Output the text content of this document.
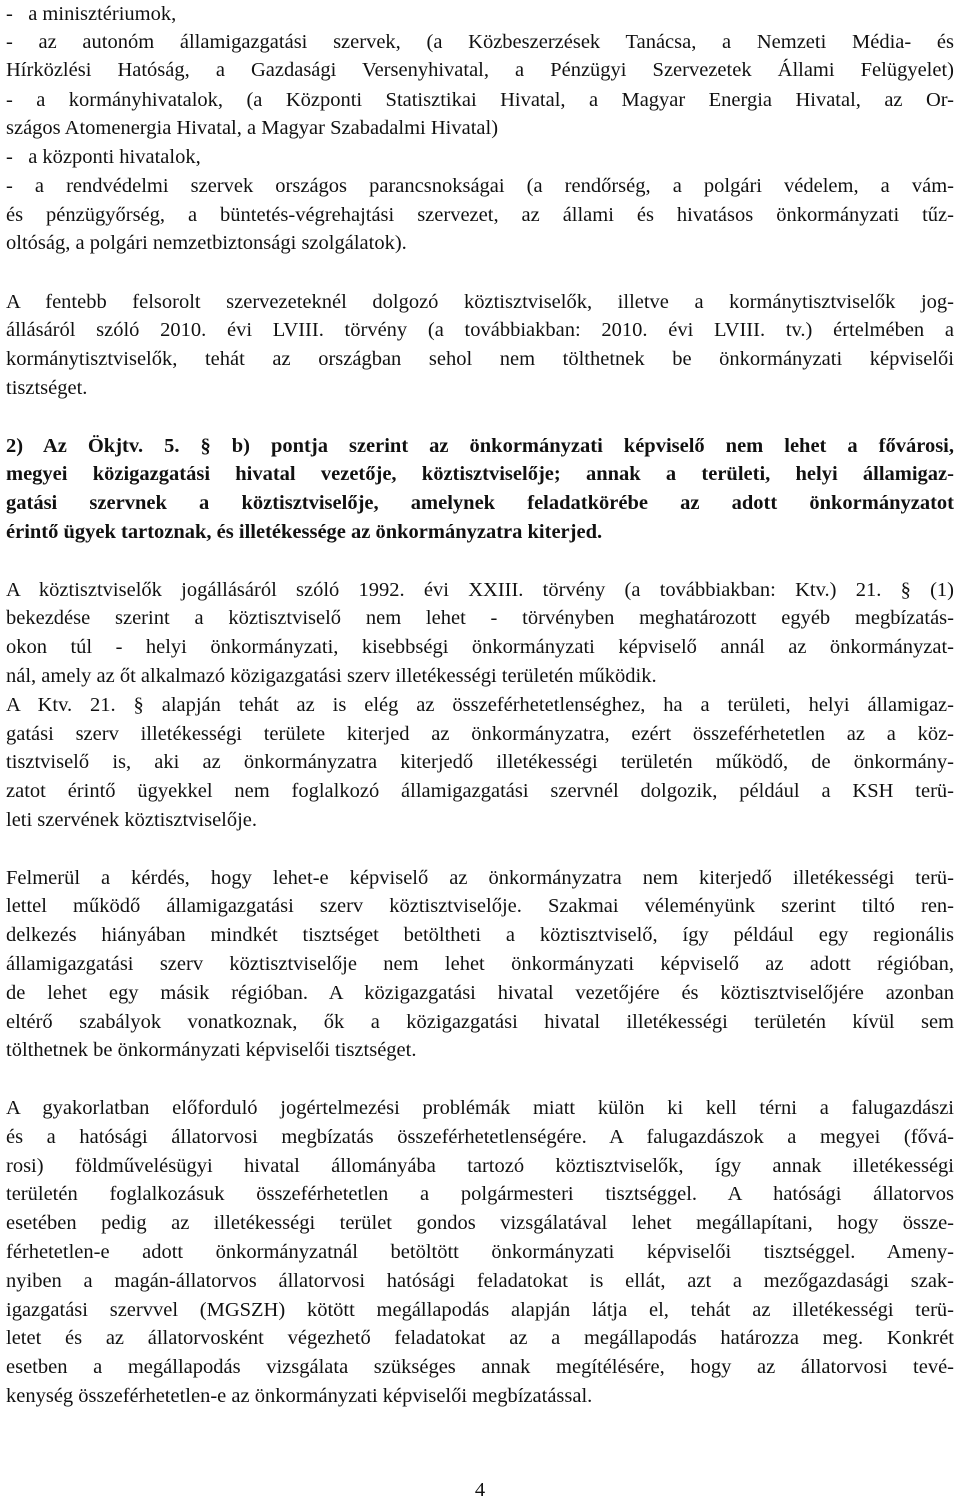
4
-   a minisztériumok,
- az autonóm államigazgatási szervek, (a Közbeszerzések Tanácsa, a Nemzeti Média- és
Hírközlési Hatóság, a Gazdasági Versenyhivatal, a Pénzügyi Szervezetek Állami Felügyelet)
- a kormányhivatalok, (a Központi Statisztikai Hivatal, a Magyar Energia Hivatal, az Or-
szágos Atomenergia Hivatal, a Magyar Szabadalmi Hivatal)
-   a központi hivatalok,
- a rendvédelmi szervek országos parancsnokságai (a rendőrség, a polgári védelem, a vám-
és pénzügyőrség, a büntetés-végrehajtási szervezet, az állami és hivatásos önkormányzati tűz-
oltóság, a polgári nemzetbiztonsági szolgálatok).
A fentebb felsorolt szervezeteknél dolgozó köztisztviselők, illetve a kormánytisztviselők jog-
állásáról szóló 2010. évi LVIII. törvény (a továbbiakban: 2010. évi LVIII. tv.) értelmében a
kormánytisztviselők, tehát az országban sehol nem tölthetnek be önkormányzati képviselői
tisztséget.
2) Az Ökjtv. 5. § b) pontja szerint az önkormányzati képviselő nem lehet a fővárosi,
megyei közigazgatási hivatal vezetője, köztisztviselője; annak a területi, helyi államigaz-
gatási szervnek a köztisztviselője, amelynek feladatkörébe az adott önkormányzatot
érintő ügyek tartoznak, és illetékessége az önkormányzatra kiterjed.
A köztisztviselők jogállásáról szóló 1992. évi XXIII. törvény (a továbbiakban: Ktv.) 21. § (1)
bekezdése szerint a köztisztviselő nem lehet - törvényben meghatározott egyéb megbízatás-
okon túl - helyi önkormányzati, kisebbségi önkormányzati képviselő annál az önkormányzat-
nál, amely az őt alkalmazó közigazgatási szerv illetékességi területén működik.
A Ktv. 21. § alapján tehát az is elég az összeférhetetlenséghez, ha a területi, helyi államigaz-
gatási szerv illetékességi területe kiterjed az önkormányzatra, ezért összeférhetetlen az a köz-
tisztviselő is, aki az önkormányzatra kiterjedő illetékességi területén működő, de önkormány-
zatot érintő ügyekkel nem foglalkozó államigazgatási szervnél dolgozik, például a KSH terü-
leti szervének köztisztviselője.
Felmerül a kérdés, hogy lehet-e képviselő az önkormányzatra nem kiterjedő illetékességi terü-
lettel működő államigazgatási szerv köztisztviselője. Szakmai véleményünk szerint tiltó ren-
delkezés hiányában mindkét tisztséget betöltheti a köztisztviselő, így például egy regionális
államigazgatási szerv köztisztviselője nem lehet önkormányzati képviselő az adott régióban,
de lehet egy másik régióban. A közigazgatási hivatal vezetőjére és köztisztviselőjére azonban
eltérő szabályok vonatkoznak, ők a közigazgatási hivatal illetékességi területén kívül sem
tölthetnek be önkormányzati képviselői tisztséget.
A gyakorlatban előforduló jogértelmezési problémák miatt külön ki kell térni a falugazdászi
és a hatósági állatorvosi megbízatás összeférhetetlenségére. A falugazdászok a megyei (fővá-
rosi) földművelésügyi hivatal állományába tartozó köztisztviselők, így annak illetékességi
területén foglalkozásuk összeférhetetlen a polgármesteri tisztséggel. A hatósági állatorvos
esetében pedig az illetékességi terület gondos vizsgálatával lehet megállapítani, hogy össze-
férhetetlen-e adott önkormányzatnál betöltött önkormányzati képviselői tisztséggel. Ameny-
nyiben a magán-állatorvos állatorvosi hatósági feladatokat is ellát, azt a mezőgazdasági szak-
igazgatási szervvel (MGSZH) kötött megállapodás alapján látja el, tehát az illetékességi terü-
letet és az állatorvosként végezhető feladatokat az a megállapodás határozza meg. Konkrét
esetben a megállapodás vizsgálata szükséges annak megítélésére, hogy az állatorvosi tevé-
kenység összeférhetetlen-e az önkormányzati képviselői megbízatással.
